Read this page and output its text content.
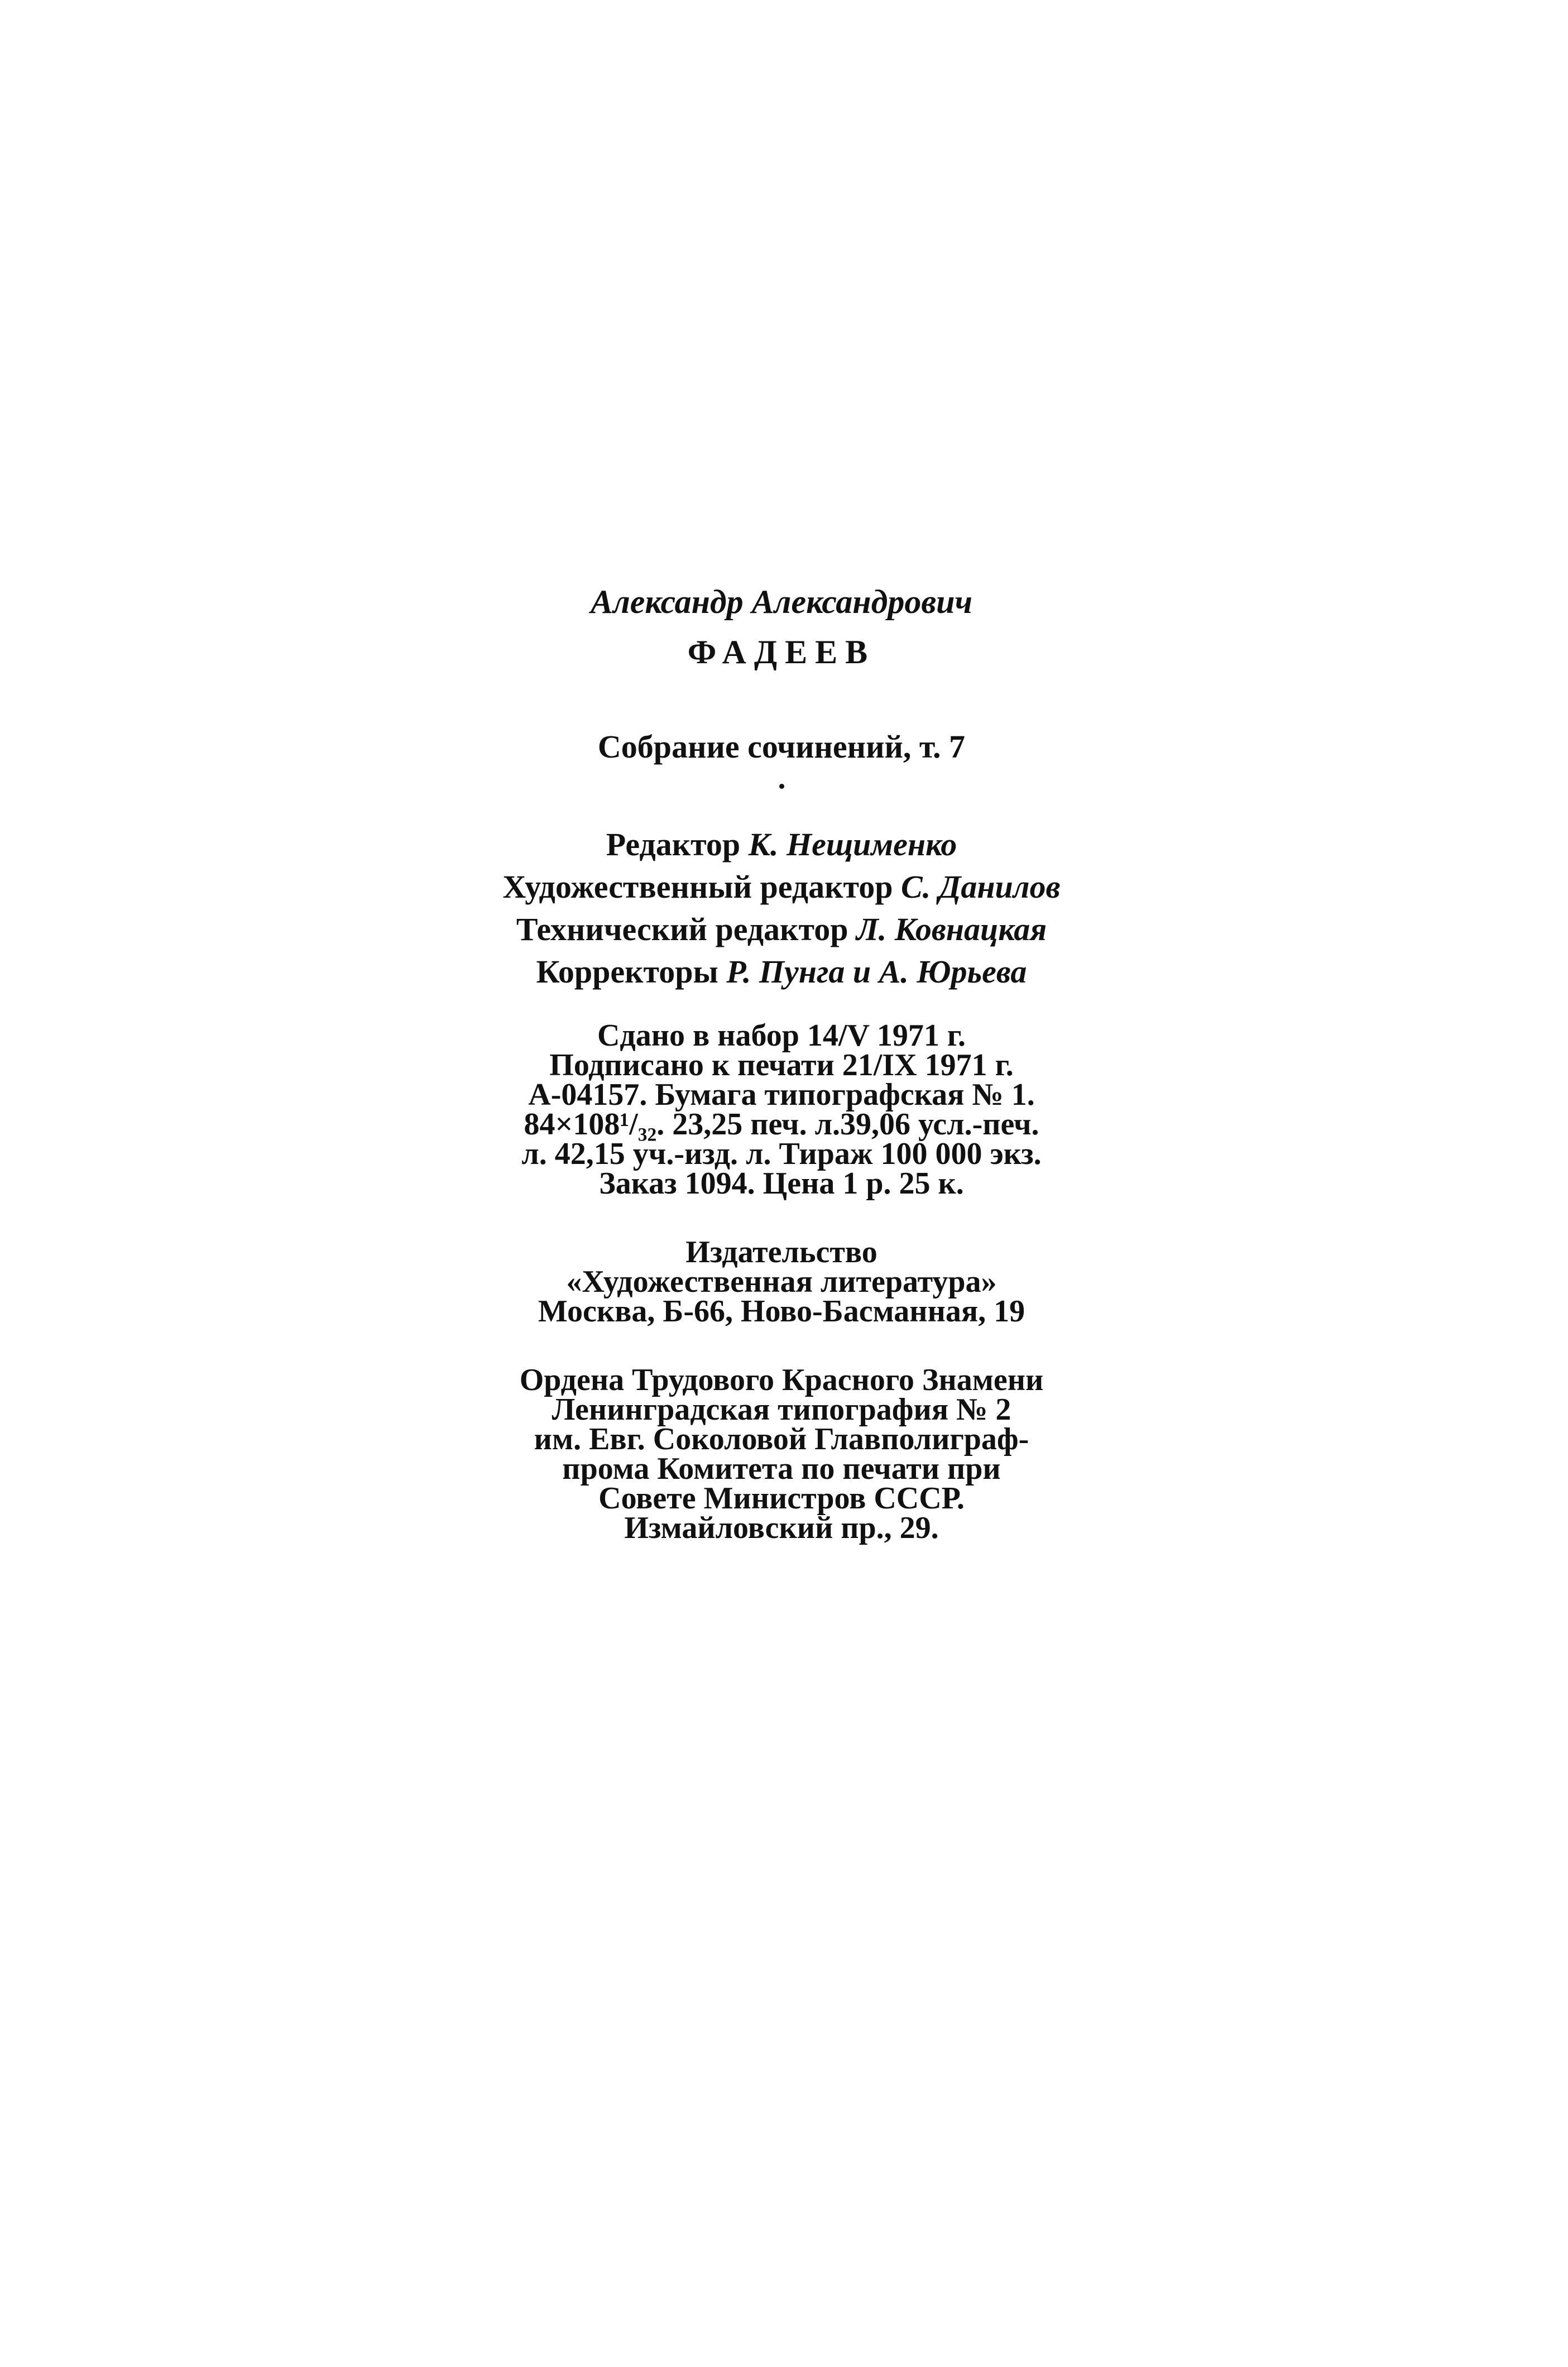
Александр Александрович

ФАДЕЕВ

Собрание сочинений, т. 7

Редактор К. Нещименко

Художественный редактор С. Данилов

Технический редактор Л. Ковнацкая

Корректоры Р. Пунга и А. Юрьева

Сдано в набор 14/V 1971 г.

Подписано к печати 21/IX 1971 г.

А-04157. Бумага типографская № 1.

84×108¹/₃₂. 23,25 печ. л.39,06 усл.-печ.

л. 42,15 уч.-изд. л. Тираж 100 000 экз.

Заказ 1094. Цена 1 р. 25 к.

Издательство

«Художественная литература»

Москва, Б-66, Ново-Басманная, 19

Ордена Трудового Красного Знамени

Ленинградская типография № 2

им. Евг. Соколовой Главполиграф-

прома Комитета по печати при

Совете Министров СССР.

Измайловский пр., 29.
